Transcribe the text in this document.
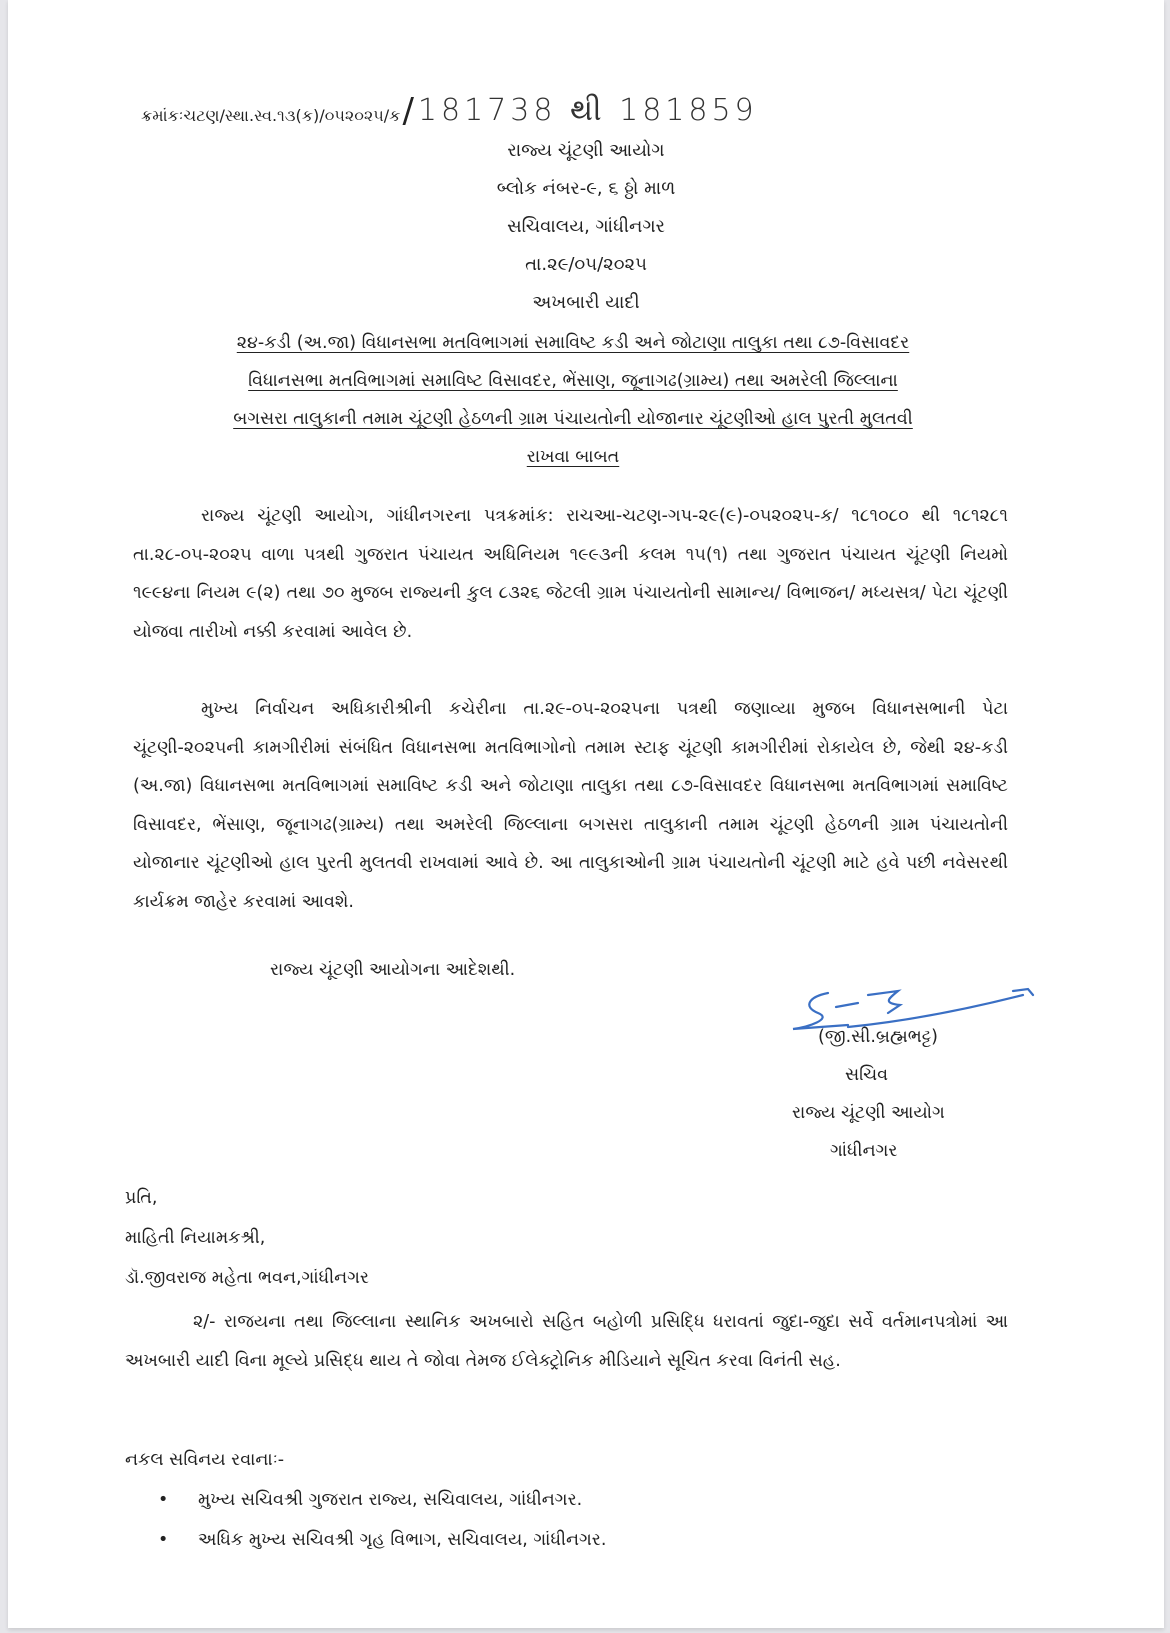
ક્રમાંકઃચટણ/સ્થા.સ્વ.૧૩(ક)/૦૫૨૦૨૫/ક / 181738 થી 181859
રાજ્ય ચૂંટણી આયોગ
બ્લોક નંબર-૯, ૬ ઠ્ઠો માળ
સચિવાલય, ગાંધીનગર
તા.૨૯/૦૫/૨૦૨૫
અખબારી યાદી
૨૪-કડી (અ.જા) વિધાનસભા મતવિભાગમાં સમાવિષ્ટ કડી અને જોટાણા તાલુકા તથા ૮૭-વિસાવદર
વિધાનસભા મતવિભાગમાં સમાવિષ્ટ વિસાવદર, ભેંસાણ, જૂનાગઢ(ગ્રામ્ય) તથા અમરેલી જિલ્લાના
બગસરા તાલુકાની તમામ ચૂંટણી હેઠળની ગ્રામ પંચાયતોની યોજાનાર ચૂંટણીઓ હાલ પુરતી મુલતવી
રાખવા બાબત
રાજ્ય ચૂંટણી આયોગ, ગાંધીનગરના પત્રક્રમાંક: રાચઆ-ચટણ-ગપ-૨૯(૯)-૦૫૨૦૨૫-ક/ ૧૮૧૦૮૦ થી ૧૮૧૨૮૧ તા.૨૮-૦૫-૨૦૨૫ વાળા પત્રથી ગુજરાત પંચાયત અધિનિયમ ૧૯૯૩ની કલમ ૧૫(૧) તથા ગુજરાત પંચાયત ચૂંટણી નિયમો ૧૯૯૪ના નિયમ ૯(૨) તથા ૭૦ મુજબ રાજ્યની કુલ ૮૩૨૬ જેટલી ગ્રામ પંચાયતોની સામાન્ય/ વિભાજન/ મધ્યસત્ર/ પેટા ચૂંટણી યોજવા તારીખો નક્કી કરવામાં આવેલ છે.
મુખ્ય નિર્વાચન અધિકારીશ્રીની કચેરીના તા.૨૯-૦૫-૨૦૨૫ના પત્રથી જણાવ્યા મુજબ વિધાનસભાની પેટા ચૂંટણી-૨૦૨૫ની કામગીરીમાં સંબંધિત વિધાનસભા મતવિભાગોનો તમામ સ્ટાફ ચૂંટણી કામગીરીમાં રોકાયેલ છે, જેથી ૨૪-કડી (અ.જા) વિધાનસભા મતવિભાગમાં સમાવિષ્ટ કડી અને જોટાણા તાલુકા તથા ૮૭-વિસાવદર વિધાનસભા મતવિભાગમાં સમાવિષ્ટ વિસાવદર, ભેંસાણ, જૂનાગઢ(ગ્રામ્ય) તથા અમરેલી જિલ્લાના બગસરા તાલુકાની તમામ ચૂંટણી હેઠળની ગ્રામ પંચાયતોની યોજાનાર ચૂંટણીઓ હાલ પુરતી મુલતવી રાખવામાં આવે છે. આ તાલુકાઓની ગ્રામ પંચાયતોની ચૂંટણી માટે હવે પછી નવેસરથી કાર્યક્રમ જાહેર કરવામાં આવશે.
રાજ્ય ચૂંટણી આયોગના આદેશથી.
(જી.સી.બ્રહ્મભટ્ટ)
સચિવ
રાજ્ય ચૂંટણી આયોગ
ગાંધીનગર
પ્રતિ,
માહિતી નિયામકશ્રી,
ડૉ.જીવરાજ મહેતા ભવન,ગાંધીનગર
૨/- રાજયના તથા જિલ્લાના સ્થાનિક અખબારો સહિત બહોળી પ્રસિદ્ધિ ધરાવતાં જુદા-જુદા સર્વે વર્તમાનપત્રોમાં આ અખબારી યાદી વિના મૂલ્યે પ્રસિદ્ધ થાય તે જોવા તેમજ ઈલેક્ટ્રોનિક મીડિયાને સૂચિત કરવા વિનંતી સહ.
નકલ સવિનય રવાનાઃ-
• મુખ્ય સચિવશ્રી ગુજરાત રાજ્ય, સચિવાલય, ગાંધીનગર.
• અધિક મુખ્ય સચિવશ્રી ગૃહ વિભાગ, સચિવાલય, ગાંધીનગર.
